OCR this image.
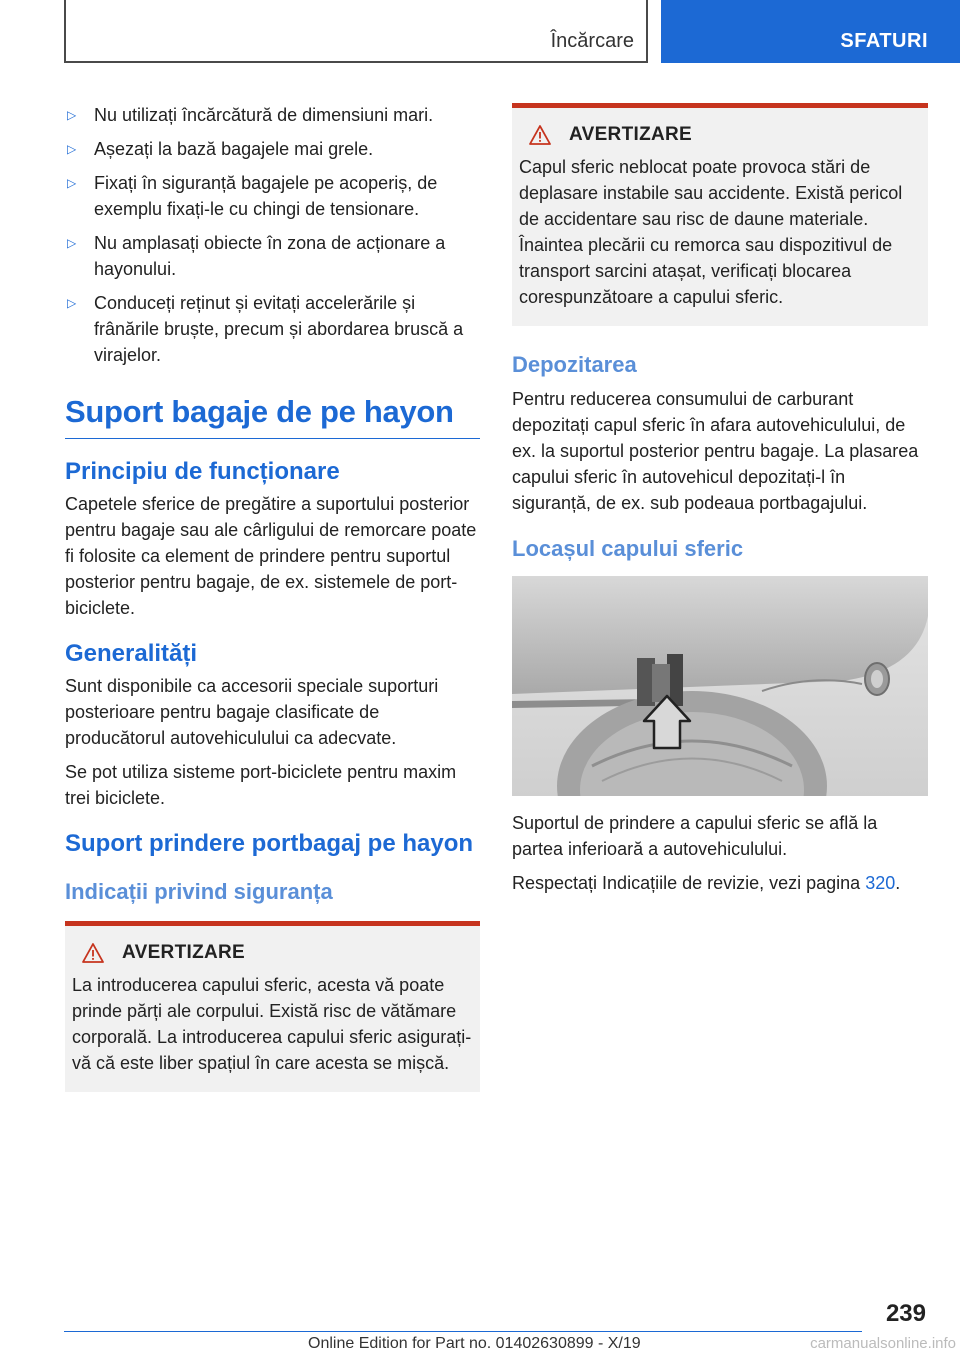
Încărcare	SFATURI
▷ Nu utilizați încărcătură de dimensiuni mari.
▷ Așezați la bază bagajele mai grele.
▷ Fixați în siguranță bagajele pe acoperiș, de exemplu fixați-le cu chingi de tensionare.
▷ Nu amplasați obiecte în zona de acționare a hayonului.
▷ Conduceți reținut și evitați accelerările și frânările bruște, precum și abordarea bruscă a virajelor.
Suport bagaje de pe hayon
Principiu de funcționare

Capetele sferice de pregătire a suportului posterior pentru bagaje sau ale cârligului de remorcare poate fi folosite ca element de prindere pentru suportul posterior pentru bagaje, de ex. sistemele de port-biciclete.

Generalități

Sunt disponibile ca accesorii speciale suporturi posterioare pentru bagaje clasificate de producătorul autovehiculului ca adecvate.

Se pot utiliza sisteme port-biciclete pentru maxim trei biciclete.

Suport prindere portbagaj pe hayon
Indicații privind siguranța
AVERTIZARE

La introducerea capului sferic, acesta vă poate prinde părți ale corpului. Există risc de vătămare corporală. La introducerea capului sferic asigurați-vă că este liber spațiul în care acesta se mișcă.

AVERTIZARE

Capul sferic neblocat poate provoca stări de deplasare instabile sau accidente. Există pericol de accidentare sau risc de daune materiale. Înaintea plecării cu remorca sau dispozitivul de transport sarcini atașat, verificați blocarea corespunzătoare a capului sferic.

Depozitarea

Pentru reducerea consumului de carburant depozitați capul sferic în afara autovehiculului, de ex. la suportul posterior pentru bagaje. La plasarea capului sferic în autovehicul depozitați-l în siguranță, de ex. sub podeaua portbagajului.

Locașul capului sferic

Suportul de prindere a capului sferic se află la partea inferioară a autovehiculului.

Respectați Indicațiile de revizie, vezi pagina 320.

239
Online Edition for Part no. 01402630899 - X/19	carmanualsonline.info
